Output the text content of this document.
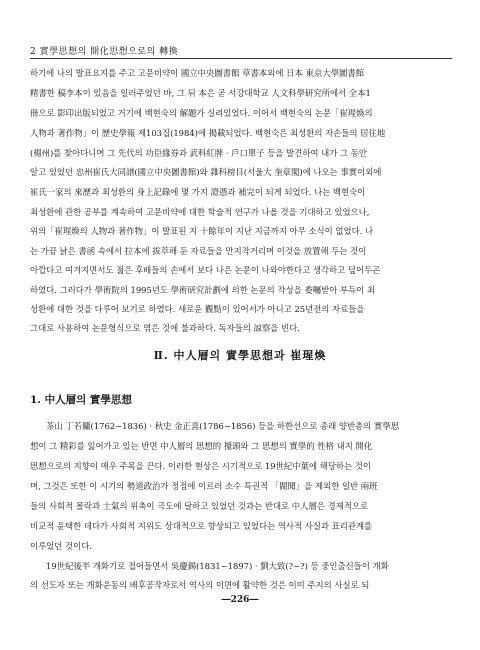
2 實學思想의 開化思想으로의 轉換
하기에 나의 발표요지를 주고 고문비약이 國立中央圖書館 草書本외에 日本 東京大學圖書館
精書한 稿李本이 있음을 일러주었던 바, 그 뒤 本은 곧 서강대학교 人文科學研究所에서 全本1
冊으로 影印出版되었고 거기에 백현숙의 解題가 실려있었다. 이어서 백현숙의 논문「崔瑆煥의
人物과 著作物」이 歷史學報 제103집(1984)에 揭載되었다. 백현숙은 최성환의 자손들의 居住地
(楊州)를 찾아다니며 그 先代의 功臣緣券과 武科紅牌 · 戶口單子 등을 발견하여 내가 그 동안
알고 있었던 忠州崔氏大同譜(國立中央圖書館)와 雜科榜目(서울大 奎章閣)에 나오는 事實이외에
崔氏一家의 來歷과 최성환의 身上記錄에 몇 가지 證憑과 補完이 되게 되었다. 나는 백현숙이
최성환에 관한 공부를 계속하여 고문비약에 대한 학술적 연구가 나올 것을 기대하고 있었으나,
위의「崔瑆煥의 人物과 著作物」이 발표된 지 十餘年이 지난 지금까지 아무 소식이 없었다. 나
는 가끔 낡은 書函 속에서 拉本에 拔萃해 둔 자료들을 만지작거리며 이것을 放置해 두는 것이
아깝다고 여겨지면서도 젊은 후배들의 손에서 보다 나은 논문이 나와야한다고 생각하고 덮어두곤
하였다. 그러다가 學術院의 1995년도 學術研究計劃에 의한 논문의 작성을 委囑받아 부득이 최
성환에 대한 것을 다루어 보기로 하였다. 새로운 觀點이 있어서가 아니고 25년전의 자료들을
그대로 사용하여 논문형식으로 엮은 것에 불과하다. 독자들의 諒察을 빈다.
Ⅱ. 中人層의 實學思想과 崔瑆煥
1. 中人層의 實學思想
茶山 丁若鏞(1762~1836) · 秋史 金正喜(1786~1856) 등을 하한선으로 종래 양반층의 實學思
想이 그 精彩를 잃어가고 있는 반면 中人層의 思想的 擡頭와 그 思想의 實學的 性格 내지 開化
思想으로의 지향이 매우 주목을 끈다. 이러한 현상은 시기적으로 19世紀中葉에 해당하는 것이
며, 그것은 또한 이 시기의 勢道政治가 정점에 이르러 소수 특권적 「閥閱」을 제외한 일반 兩班
들의 사회적 몰락과 士氣의 위축이 극도에 달하고 있었던 것과는 반대로 中人層은 경제적으로
비교적 윤택한 데다가 사회적 지위도 상대적으로 향상되고 있었다는 역사적 사실과 표리관계를
이루었던 것이다.
19世紀後半 개화기로 접어들면서 吳慶錫(1831~1897) · 劉大致(?~?) 등 중인출신들이 개화
의 선도자 또는 개화운동의 배후공작자로서 역사의 이면에 활약한 것은 이미 주지의 사실로 되
―226―
